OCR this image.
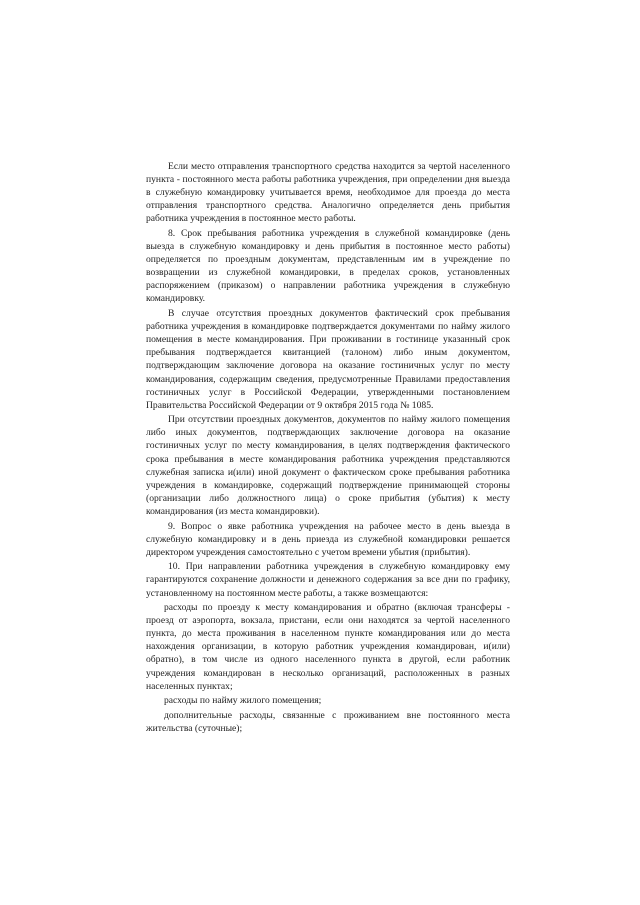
Если место отправления транспортного средства находится за чертой населенного пункта - постоянного места работы работника учреждения, при определении дня выезда в служебную командировку учитывается время, необходимое для проезда до места отправления транспортного средства. Аналогично определяется день прибытия работника учреждения в постоянное место работы.

8. Срок пребывания работника учреждения в служебной командировке (день выезда в служебную командировку и день прибытия в постоянное место работы) определяется по проездным документам, представленным им в учреждение по возвращении из служебной командировки, в пределах сроков, установленных распоряжением (приказом) о направлении работника учреждения в служебную командировку.

В случае отсутствия проездных документов фактический срок пребывания работника учреждения в командировке подтверждается документами по найму жилого помещения в месте командирования. При проживании в гостинице указанный срок пребывания подтверждается квитанцией (талоном) либо иным документом, подтверждающим заключение договора на оказание гостиничных услуг по месту командирования, содержащим сведения, предусмотренные Правилами предоставления гостиничных услуг в Российской Федерации, утвержденными постановлением Правительства Российской Федерации от 9 октября 2015 года № 1085.

При отсутствии проездных документов, документов по найму жилого помещения либо иных документов, подтверждающих заключение договора на оказание гостиничных услуг по месту командирования, в целях подтверждения фактического срока пребывания в месте командирования работника учреждения представляются служебная записка и(или) иной документ о фактическом сроке пребывания работника учреждения в командировке, содержащий подтверждение принимающей стороны (организации либо должностного лица) о сроке прибытия (убытия) к месту командирования (из места командировки).

9. Вопрос о явке работника учреждения на рабочее место в день выезда в служебную командировку и в день приезда из служебной командировки решается директором учреждения самостоятельно с учетом времени убытия (прибытия).

10. При направлении работника учреждения в служебную командировку ему гарантируются сохранение должности и денежного содержания за все дни по графику, установленному на постоянном месте работы, а также возмещаются:

расходы по проезду к месту командирования и обратно (включая трансферы - проезд от аэропорта, вокзала, пристани, если они находятся за чертой населенного пункта, до места проживания в населенном пункте командирования или до места нахождения организации, в которую работник учреждения командирован, и(или) обратно), в том числе из одного населенного пункта в другой, если работник учреждения командирован в несколько организаций, расположенных в разных населенных пунктах;

расходы по найму жилого помещения;

дополнительные расходы, связанные с проживанием вне постоянного места жительства (суточные);
